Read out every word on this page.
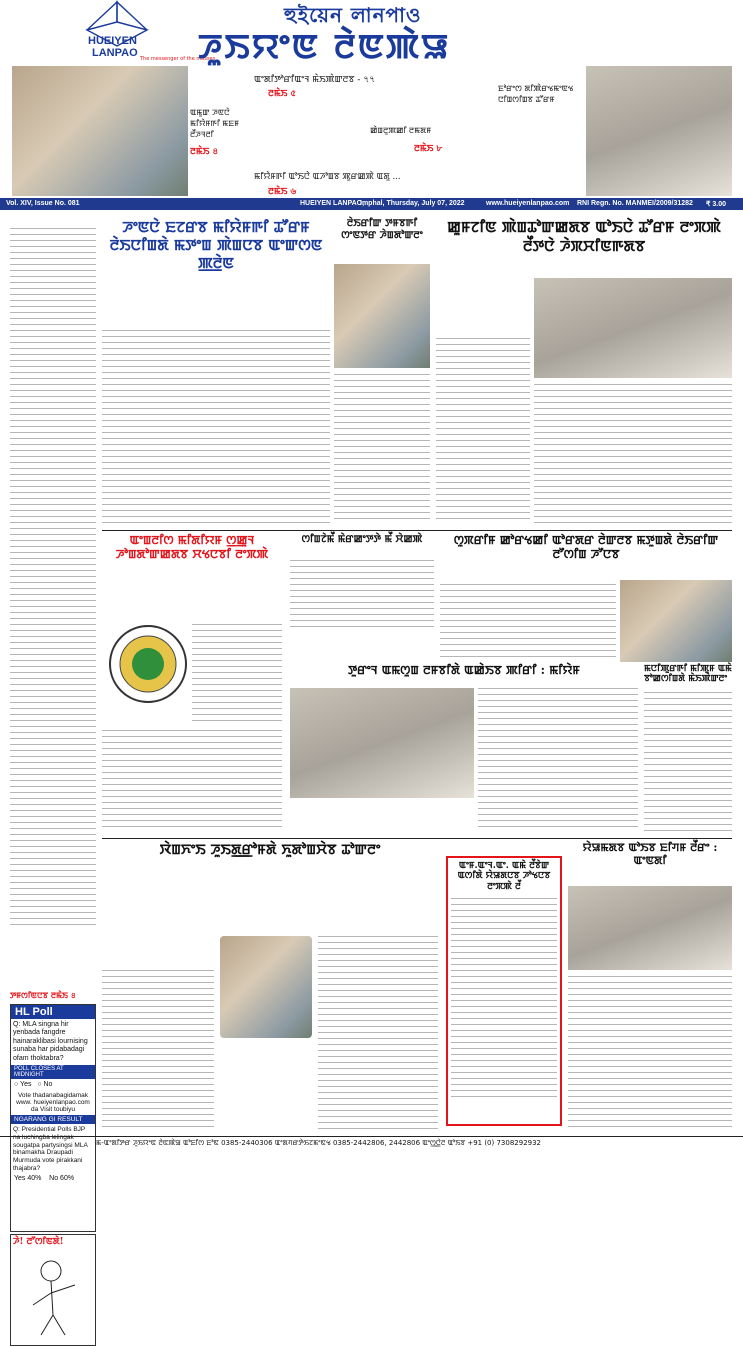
HUEIYEN
LANPAO The messenger of the masses
হুইয়েন লানপাও
ꯍꯨꯏꯌꯦꯟ ꯂꯥꯟꯄꯥꯎ
ꯑꯃꯨꯛ ꯍꯟꯅꯥ ꯃꯤꯌꯥꯝꯒꯤ ꯃꯐꯝ ꯂꯩꯍꯜꯂꯤ
ꯂꯃꯥꯏ ৪
ꯑꯦꯗꯤꯇꯣꯔꯤꯑꯦꯜ ꯃꯥꯏꯄꯥꯛꯂꯕ - ৭৭
ꯂꯃꯥꯏ ৫
ꯀꯥꯡꯂꯨꯄꯀꯤ ꯂꯃꯗꯝ
ꯂꯃꯥꯏ ৮
ꯃꯤꯌꯥꯝꯒꯤ ꯑꯣꯏꯅꯥ ꯑꯍꯣꯡꯕ ꯄꯨꯔꯀꯄꯥ ꯑꯗꯨ ...
ꯂꯃꯥꯏ ৬
ꯐꯣꯔꯦꯁ ꯗꯤꯄꯥꯔꯠꯃꯦꯟꯠ ꯅꯤꯡꯁꯤꯡꯕ ꯊꯧꯔꯝ
Vol. XIV, Issue No. 081	HUEIYEN LANPAO,
Imphal, Thursday, July 07, 2022	www.hueiyenlanpao.com RNI Regn. No. MANMEI/2009/31282 ₹ 3.00
ꯇꯝꯁꯤꯟꯅꯕ ꯂꯃꯥꯏ ৪
HL Poll
Q: MLA singna hir yenbada fangdre hainaraklibasi lournising sunaba har pidabadagi ofam thoktabra?
POLL CLOSES AT MIDNIGHT
○ Yes ○ No
Vote thadanabagidamak www. hueiyenlanpao.com da Visit toubiyu
NGARANG GI RESULT
Q: Presidential Polls BJP na luchingba lelingak sougatpa partysingsi MLA binamakha Draupadi Murmuda vote pirakkani thajabra?
Yes 40% No 60%
ꯍꯥ! ꯂꯧꯁꯤꯟꯗꯥ!
ꯍꯦꯟꯅꯥ ꯐꯖꯔꯕ ꯃꯤꯌꯥꯝꯒꯤ ꯊꯧꯔꯝ ꯂꯥꯏꯅꯤꯡꯗꯥ ꯃꯇꯦꯡ ꯄꯥꯡꯅꯕ ꯑꯦꯛꯁꯟ ꯄ꯭ꯂꯥꯟ
ꯂꯥꯏꯔꯤꯛ ꯇꯝꯕꯒꯤ ꯁꯦꯟꯇꯔ ꯍꯥꯡꯗꯣꯛꯂꯦ	ꯀꯨꯝꯖꯤꯟ ꯄꯥꯡꯊꯣꯛꯀꯗꯕ ꯑꯣꯏꯅꯥ ꯊꯧꯔꯝ ꯂꯦꯞꯄꯥ ꯂꯩꯇꯅꯥ ꯍꯥꯞꯆꯤꯟꯒꯗꯕ
ꯑꯦꯡꯂꯤꯁ ꯃꯤꯗꯤꯌꯝ ꯁ꯭ꯀꯨꯜ ꯍꯣꯡꯗꯣꯛꯀꯗꯕ ꯆꯠꯅꯕꯤ ꯂꯦꯞꯄꯥ
ꯁꯤꯡꯖꯥꯃꯩ ꯃꯥꯔꯀꯦꯇꯇꯥ ꯃꯩ ꯆꯥꯀꯄꯥ	ꯁꯨꯞꯔꯤꯝ ꯀꯣꯔꯠꯀꯤ ꯑꯣꯔꯗꯔ ꯂꯥꯛꯂꯕ ꯃꯇꯨꯡꯗꯥ ꯂꯥꯏꯔꯤꯛ ꯂꯧꯁꯤꯡ ꯍꯧꯅꯕ
ꯇꯨꯔꯦꯜ ꯑꯃꯁꯨꯡ ꯂꯝꯕꯤꯗꯥ ꯑꯀꯥꯏꯕ ꯄꯤꯔꯤ : ꯃꯤꯌꯥꯝ	ꯃꯅꯤꯄꯨꯔꯒꯤ ꯃꯤꯄꯨꯝ ꯑꯃꯥ ꯕꯣꯀꯁꯤꯡꯗꯥ ꯃꯥꯏꯄꯥꯛꯂꯦ
ꯋꯥꯡꯈꯦꯏ ꯍꯨꯏꯗ꯭ꯔꯣꯝꯗꯥ ꯈꯨꯗꯣꯡꯆꯥꯕ ꯊꯣꯛꯂꯦ
ꯑꯦꯝ.ꯑꯦꯜ.ꯑꯦ. ꯑꯃꯥ ꯂꯩꯕꯥꯛ ꯑꯁꯤꯗꯥ ꯌꯥꯎꯗꯅꯕ ꯍꯣꯠꯅꯕ ꯂꯦꯞꯄꯥ ꯂꯩ
ꯌꯥꯎꯃꯗꯕ ꯑꯣꯏꯕ ꯐꯤꯚꯝ ꯂꯩꯔꯦ : ꯑꯦꯟꯗꯤ
ꯃ-ꯑꯦꯗꯤꯇꯔ ꯍꯨꯏꯌꯦꯟ ꯂꯥꯟꯄꯥꯎ ꯑꯣꯐꯤꯁ ꯐꯣꯟ 0385-2440306 ꯑꯦꯗꯚꯔꯇꯥꯏꯖꯃꯦꯟꯠ 0385-2442806, 2442806 ꯑꯦꯁ꯭ꯅꯥꯂ ꯑꯣꯏꯕ +91 (0) 7308292932
